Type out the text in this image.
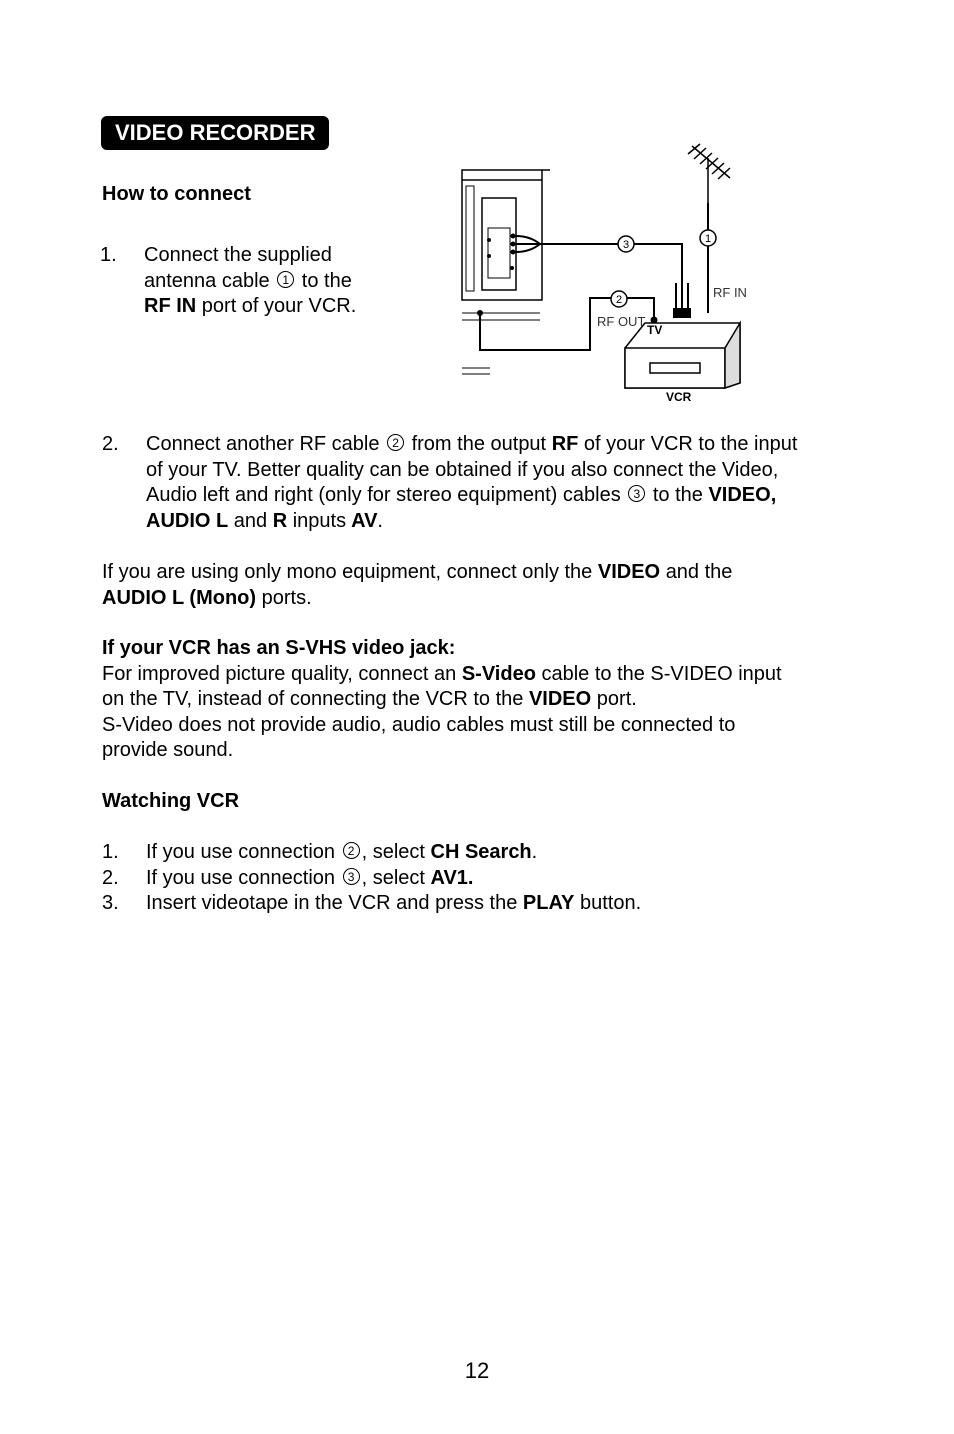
VIDEO RECORDER
How to connect
1. Connect the supplied
antenna cable 1 to the
RF IN port of your VCR.
3	1
2	RF IN
RF OUT
TV
VCR
2. Connect another RF cable 2 from the output RF of your VCR to the input
of your TV. Better quality can be obtained if you also connect the Video,
Audio left and right (only for stereo equipment) cables 3 to the VIDEO,
AUDIO L and R inputs AV.
If you are using only mono equipment, connect only the VIDEO and the
AUDIO L (Mono) ports.
If your VCR has an S-VHS video jack:
For improved picture quality, connect an S-Video cable to the S-VIDEO input
on the TV, instead of connecting the VCR to the VIDEO port.
S-Video does not provide audio, audio cables must still be connected to
provide sound.
Watching VCR
1. If you use connection 2 , select CH Search.
2. If you use connection 3 , select AV1.
3. Insert videotape in the VCR and press the PLAY button.
12
